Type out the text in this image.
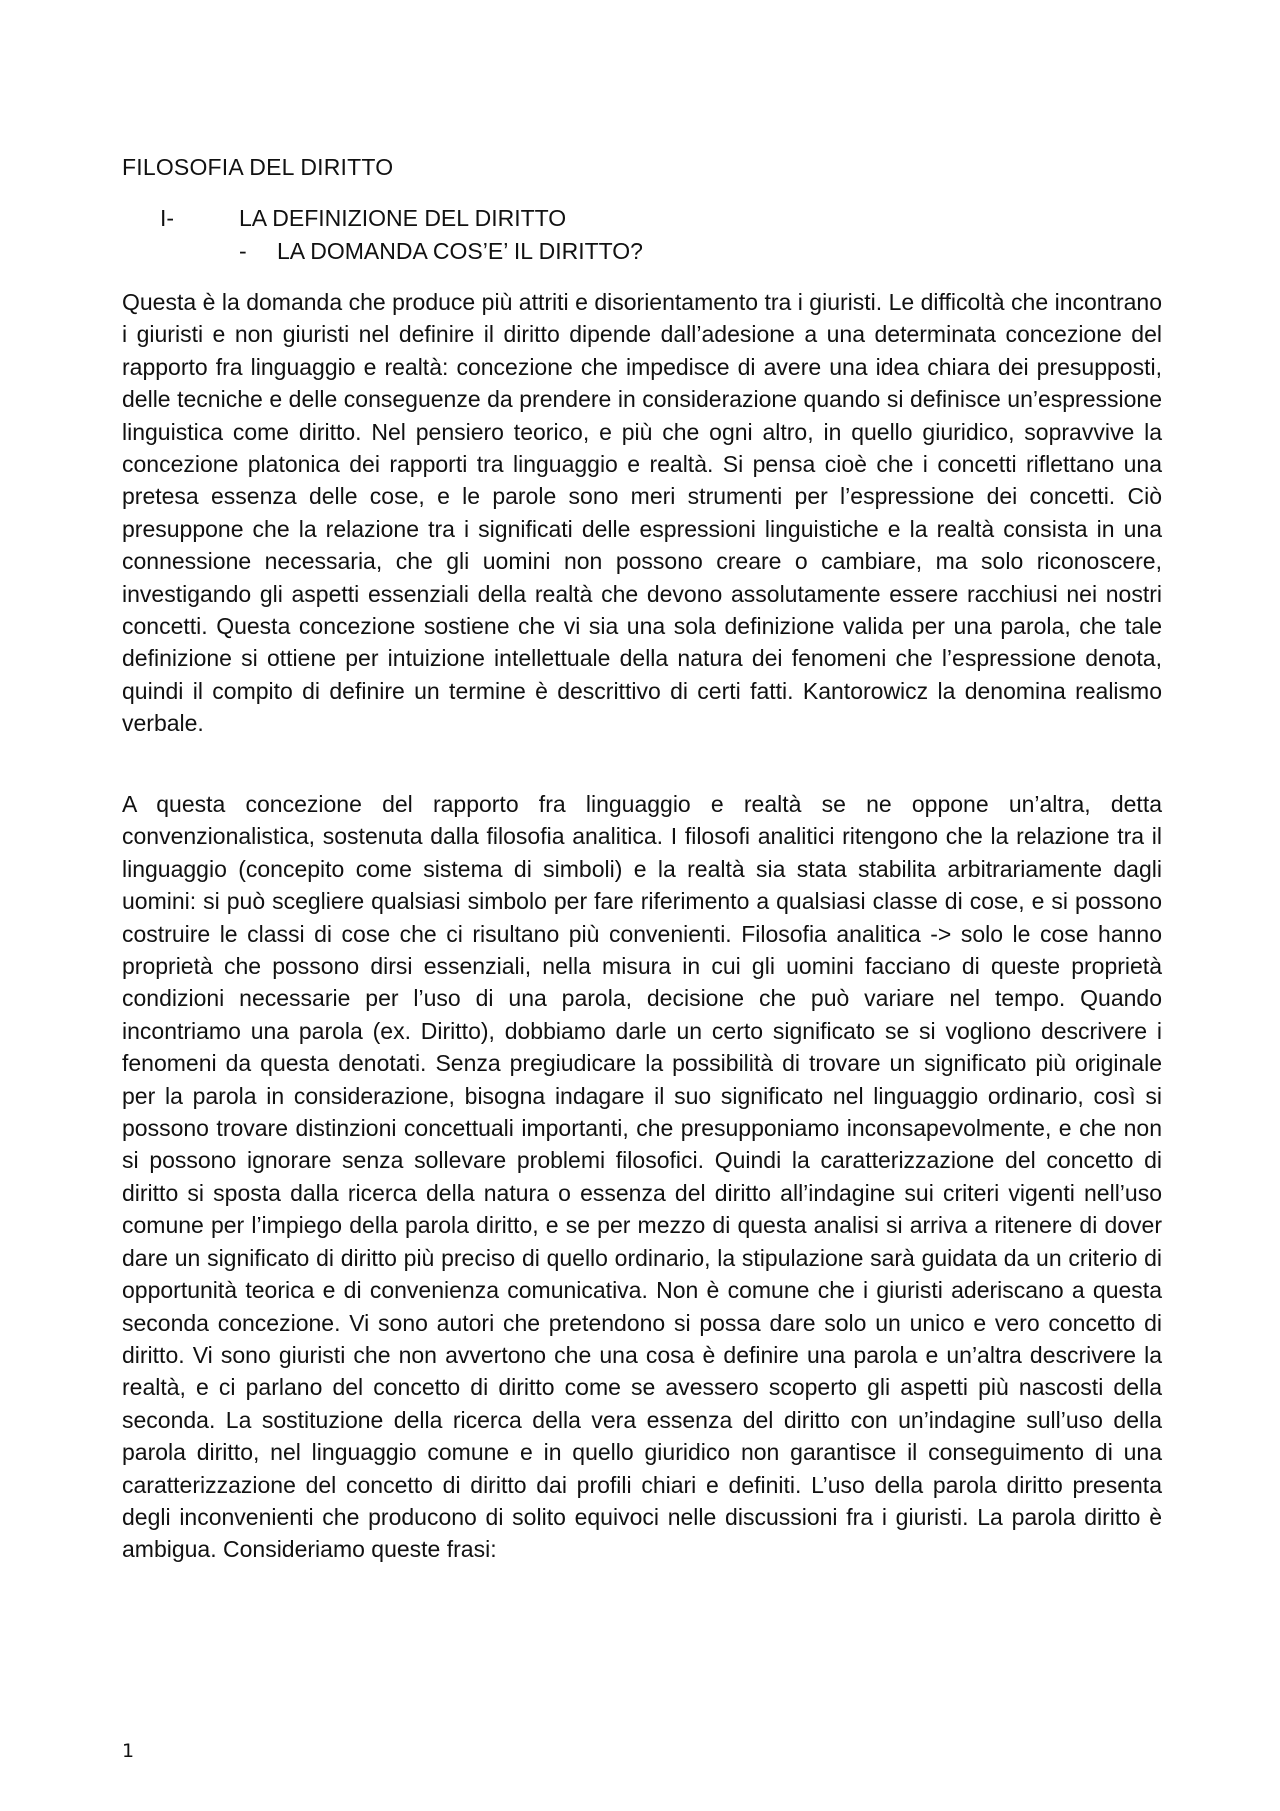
FILOSOFIA DEL DIRITTO
I-	LA DEFINIZIONE DEL DIRITTO
- LA DOMANDA COS’E’ IL DIRITTO?

Questa è la domanda che produce più attriti e disorientamento tra i giuristi. Le difficoltà che incontrano i giuristi e non giuristi nel definire il diritto dipende dall’adesione a una determinata concezione del rapporto fra linguaggio e realtà: concezione che impedisce di avere una idea chiara dei presupposti, delle tecniche e delle conseguenze da prendere in considerazione quando si definisce un’espressione linguistica come diritto. Nel pensiero teorico, e più che ogni altro, in quello giuridico, sopravvive la concezione platonica dei rapporti tra linguaggio e realtà. Si pensa cioè che i concetti riflettano una pretesa essenza delle cose, e le parole sono meri strumenti per l’espressione dei concetti. Ciò presuppone che la relazione tra i significati delle espressioni linguistiche e la realtà consista in una connessione necessaria, che gli uomini non possono creare o cambiare, ma solo riconoscere, investigando gli aspetti essenziali della realtà che devono assolutamente essere racchiusi nei nostri concetti. Questa concezione sostiene che vi sia una sola definizione valida per una parola, che tale definizione si ottiene per intuizione intellettuale della natura dei fenomeni che l’espressione denota, quindi il compito di definire un termine è descrittivo di certi fatti. Kantorowicz la denomina realismo verbale.

A questa concezione del rapporto fra linguaggio e realtà se ne oppone un’altra, detta convenzionalistica, sostenuta dalla filosofia analitica. I filosofi analitici ritengono che la relazione tra il linguaggio (concepito come sistema di simboli) e la realtà sia stata stabilita arbitrariamente dagli uomini: si può scegliere qualsiasi simbolo per fare riferimento a qualsiasi classe di cose, e si possono costruire le classi di cose che ci risultano più convenienti. Filosofia analitica -> solo le cose hanno proprietà che possono dirsi essenziali, nella misura in cui gli uomini facciano di queste proprietà condizioni necessarie per l’uso di una parola, decisione che può variare nel tempo. Quando incontriamo una parola (ex. Diritto), dobbiamo darle un certo significato se si vogliono descrivere i fenomeni da questa denotati. Senza pregiudicare la possibilità di trovare un significato più originale per la parola in considerazione, bisogna indagare il suo significato nel linguaggio ordinario, così si possono trovare distinzioni concettuali importanti, che presupponiamo inconsapevolmente, e che non si possono ignorare senza sollevare problemi filosofici. Quindi la caratterizzazione del concetto di diritto si sposta dalla ricerca della natura o essenza del diritto all’indagine sui criteri vigenti nell’uso comune per l’impiego della parola diritto, e se per mezzo di questa analisi si arriva a ritenere di dover dare un significato di diritto più preciso di quello ordinario, la stipulazione sarà guidata da un criterio di opportunità teorica e di convenienza comunicativa. Non è comune che i giuristi aderiscano a questa seconda concezione. Vi sono autori che pretendono si possa dare solo un unico e vero concetto di diritto. Vi sono giuristi che non avvertono che una cosa è definire una parola e un’altra descrivere la realtà, e ci parlano del concetto di diritto come se avessero scoperto gli aspetti più nascosti della seconda. La sostituzione della ricerca della vera essenza del diritto con un’indagine sull’uso della parola diritto, nel linguaggio comune e in quello giuridico non garantisce il conseguimento di una caratterizzazione del concetto di diritto dai profili chiari e definiti. L’uso della parola diritto presenta degli inconvenienti che producono di solito equivoci nelle discussioni fra i giuristi. La parola diritto è ambigua. Consideriamo queste frasi:

1
